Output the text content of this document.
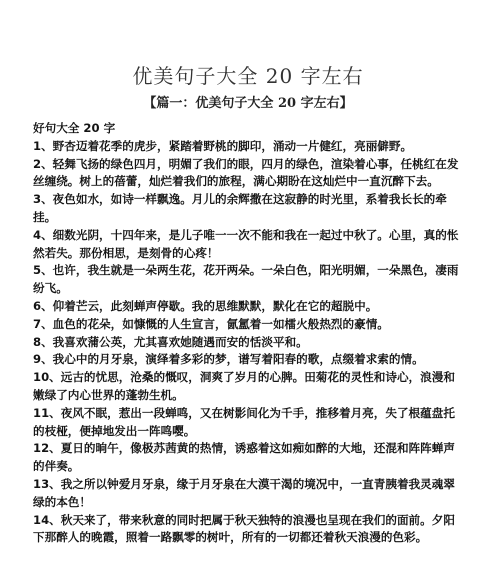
优美句子大全 20 字左右
【篇一：优美句子大全 20 字左右】

好句大全 20 字

1、野杏迈着花季的虎步，紧踏着野桃的脚印，涌动一片健红，亮丽僻野。

2、轻舞飞扬的绿色四月，明媚了我们的眼，四月的绿色，渲染着心事，任桃红在发丝缠绕。树上的蓓蕾，灿烂着我们的旅程，满心期盼在这灿烂中一直沉醉下去。

3、夜色如水，如诗一样飘逸。月儿的余辉撒在这寂静的时光里，系着我长长的牵挂。

4、细数光阴，十四年来，是儿子唯一一次不能和我在一起过中秋了。心里，真的怅然若失。那份相思，是刻骨的心疼！

5、也许，我生就是一朵两生花，花开两朵。一朵白色，阳光明媚，一朵黑色，凄雨纷飞。

6、仰着芒云，此刻蝉声停歇。我的思维默默，默化在它的超脱中。

7、血色的花朵，如慷慨的人生宣言，氤氲着一如檑火般热烈的豪情。

8、我喜欢蒲公英，尤其喜欢她随遇而安的恬淡平和。

9、我心中的月牙泉，演绎着多彩的梦，谱写着阳春的歌，点缀着求索的情。

10、远古的忧思，沧桑的慨叹，洞爽了岁月的心脾。田菊花的灵性和诗心，浪漫和嫩绿了内心世界的蓬勃生机。

11、夜风不眠，惹出一段蝉鸣，又在树影间化为千手，推移着月亮，失了根蕴盘托的枝桠，便掉地发出一阵鸣嘤。

12、夏日的晌午，像极苏茜黄的热情，诱惑着这如痴如醉的大地，还混和阵阵蝉声的伴奏。

13、我之所以钟爱月牙泉，缘于月牙泉在大漠干渴的境况中，一直青胰着我灵魂翠绿的本色！

14、秋天来了，带来秋意的同时把属于秋天独特的浪漫也呈现在我们的面前。夕阳下那醉人的晚霞，照着一路飘零的树叶，所有的一切都还着秋天浪漫的色彩。
